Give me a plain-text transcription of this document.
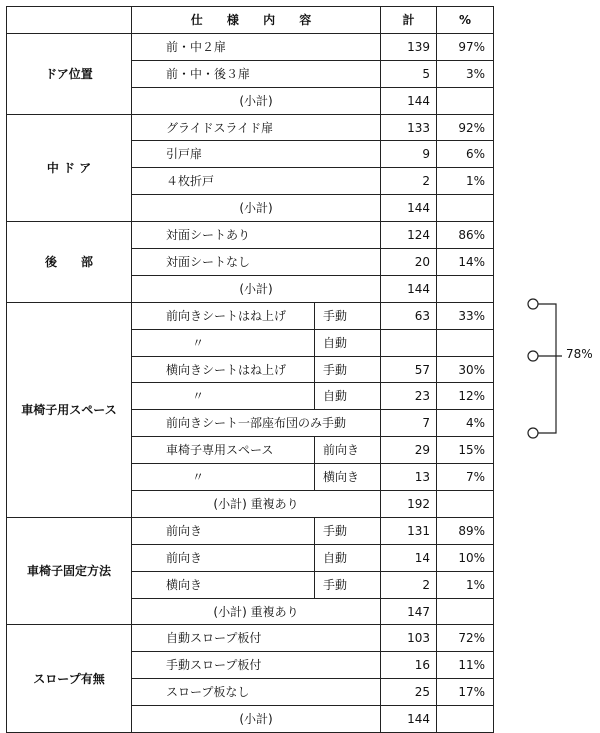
	仕 様 内 容		計	%
ドア位置	前・中２扉		139	97%
	前・中・後３扉		5	3%
	(小計)		144	
中 ド ア	グライドスライド扉		133	92%
	引戸扉		9	6%
	４枚折戸		2	1%
	(小計)		144	
後　　部	対面シートあり		124	86%
	対面シートなし		20	14%
	(小計)		144	
車椅子用スペース	前向きシートはね上げ	手動	63	33%
	〃	自動		
	横向きシートはね上げ	手動	57	30%
	〃	自動	23	12%
	前向きシート一部座布団のみ手動		7	4%
	車椅子専用スペース	前向き	29	15%
	〃	横向き	13	7%
	(小計) 重複あり		192	
車椅子固定方法	前向き	手動	131	89%
	前向き	自動	14	10%
	横向き	手動	2	1%
	(小計) 重複あり		147	
スロープ有無	自動スロープ板付		103	72%
	手動スロープ板付		16	11%
	スロープ板なし		25	17%
	(小計)		144	
78%
